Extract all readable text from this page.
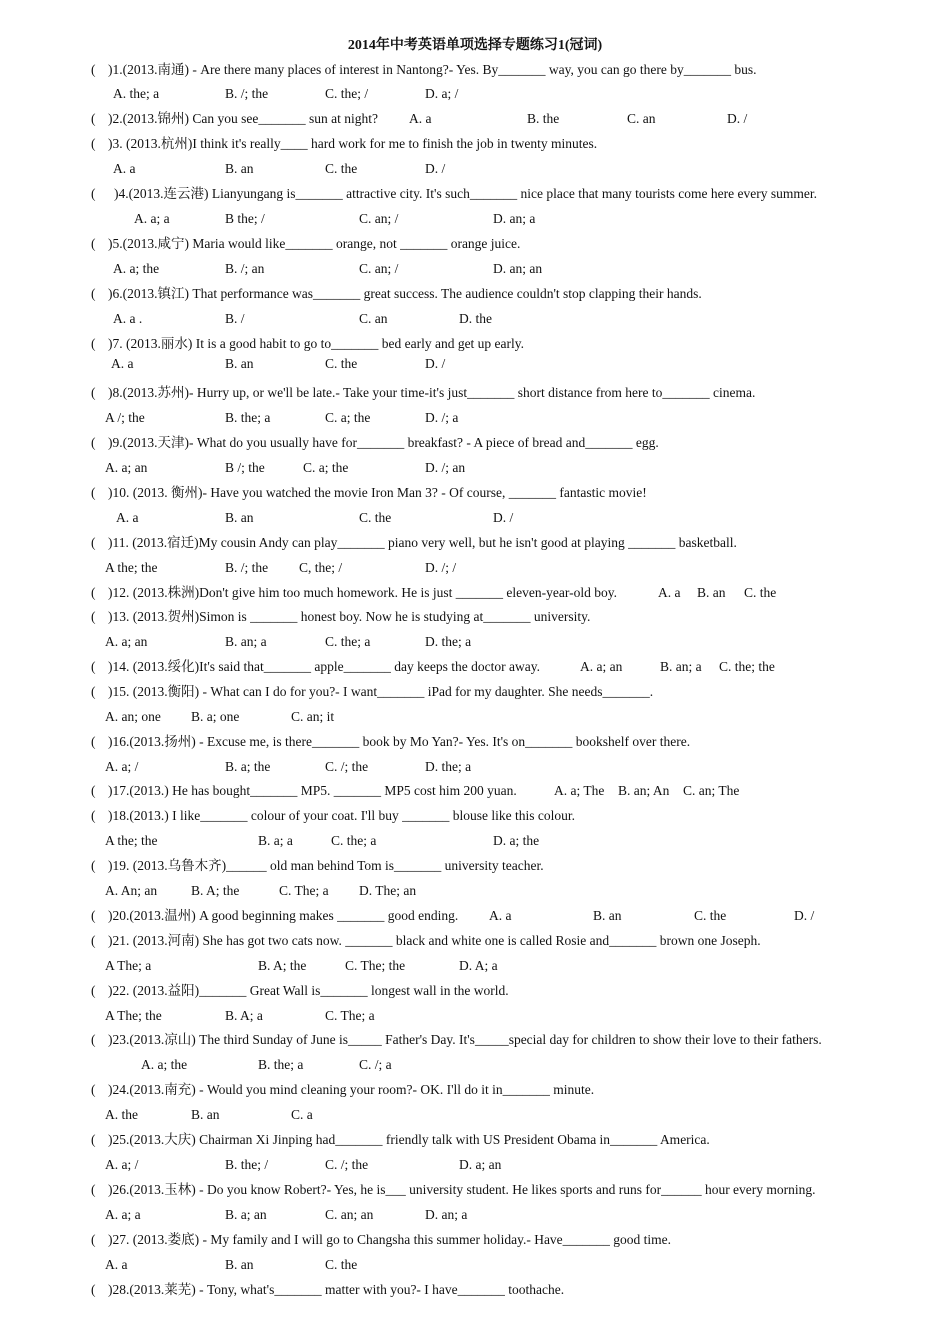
2014年中考英语单项选择专题练习1(冠词)
( )1.(2013.南通) - Are there many places of interest in Nantong?- Yes. By_______ way, you can go there by_______ bus.
A. the; a	B. /; the	C. the; /	D. a; /
( )2.(2013.锦州) Can you see_______ sun at night? A. a	B. the	C. an	D. /
( )3. (2013.杭州)I think it's really____ hard work for me to finish the job in twenty minutes.
A. a	B. an	C. the	D. /
( )4.(2013.连云港) Lianyungang is_______ attractive city. It's such_______ nice place that many tourists come here every summer.
A. a; a	B the; /	C. an; /	D. an; a
( )5.(2013.咸宁) Maria would like_______ orange, not _______ orange juice.
A. a; the	B. /; an	C. an; /	D. an; an
( )6.(2013.镇江) That performance was_______ great success. The audience couldn't stop clapping their hands.
A. a .	B. /	C. an	D. the
( )7. (2013.丽水) It is a good habit to go to_______ bed early and get up early.
A. a	B. an	C. the	D. /
( )8.(2013.苏州)- Hurry up, or we'll be late.- Take your time-it's just_______ short distance from here to_______ cinema.
A /; the	B. the; a	C. a; the	D. /; a
( )9.(2013.天津)- What do you usually have for_______ breakfast? - A piece of bread and_______ egg.
A. a; an	B /; the	C. a; the	D. /; an
( )10. (2013. 衡州)- Have you watched the movie Iron Man 3? - Of course, _______ fantastic movie!
A. a	B. an	C. the	D. /
( )11. (2013.宿迁)My cousin Andy can play_______ piano very well, but he isn't good at playing _______ basketball.
A the; the	B. /; the C, the; /	D. /; /
( )12. (2013.株洲)Don't give him too much homework. He is just _______ eleven-year-old boy.	A. a B. an C. the
( )13. (2013.贺州)Simon is _______ honest boy. Now he is studying at_______ university.
A. a; an	B. an; a	C. the; a	D. the; a
( )14. (2013.绥化)It's said that_______ apple_______ day keeps the doctor away.	A. a; an	B. an; a C. the; the
( )15. (2013.衡阳) - What can I do for you?- I want_______ iPad for my daughter. She needs_______.
A. an; one B. a; one	C. an; it
( )16.(2013.扬州) - Excuse me, is there_______ book by Mo Yan?- Yes. It's on_______ bookshelf over there.
A. a; /	B. a; the	C. /; the	D. the; a
( )17.(2013.) He has bought_______ MP5. _______ MP5 cost him 200 yuan.	A. a; The B. an; An C. an; The
( )18.(2013.) I like_______ colour of your coat. I'll buy _______ blouse like this colour.
A the; the	B. a; a	C. the; a	D. a; the
( )19. (2013.乌鲁木齐)______ old man behind Tom is_______ university teacher.
A. An; an	B. A; the	C. The; a D. The; an
( )20.(2013.温州) A good beginning makes _______ good ending. A. a	B. an	C. the	D. /
( )21. (2013.河南) She has got two cats now. _______ black and white one is called Rosie and_______ brown one Joseph.
A The; a	B. A; the	C. The; the	D. A; a
( )22. (2013.益阳)_______ Great Wall is_______ longest wall in the world.
A The; the	B. A; a	C. The; a
( )23.(2013.凉山) The third Sunday of June is_____ Father's Day. It's_____special day for children to show their love to their fathers.
A. a; the	B. the; a	C. /; a
( )24.(2013.南充) - Would you mind cleaning your room?- OK. I'll do it in_______ minute.
A. the	B. an	C. a
( )25.(2013.大庆) Chairman Xi Jinping had_______ friendly talk with US President Obama in_______ America.
A. a; /	B. the; /	C. /; the	D. a; an
( )26.(2013.玉林) - Do you know Robert?- Yes, he is___ university student. He likes sports and runs for______ hour every morning.
A. a; a	B. a; an	C. an; an	D. an; a
( )27. (2013.娄底) - My family and I will go to Changsha this summer holiday.- Have_______ good time.
A. a	B. an	C. the
( )28.(2013.莱芜) - Tony, what's_______ matter with you?- I have_______ toothache.
